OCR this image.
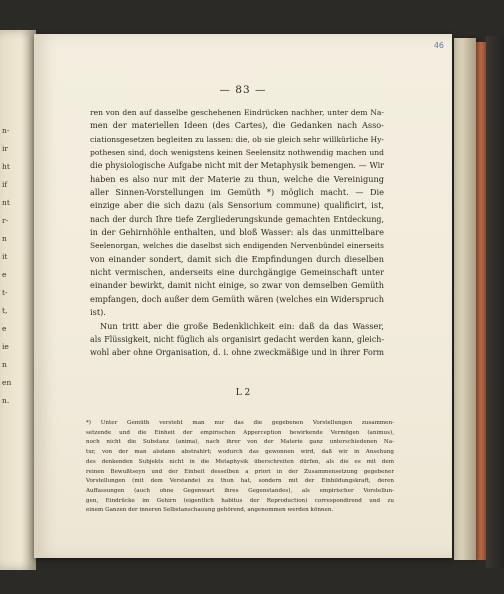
n-
ir
ht
if
nt
r-
n
it
e
t-
t,
e
ie
n
en
n.
46
— 83 —
ren von den auf dasselbe geschehenen Eindrücken nachher, unter dem Na-
men der materiellen Ideen (des Cartes), die Gedanken nach Asso-
ciationsgesetzen begleiten zu lassen: die, ob sie gleich sehr willkürliche Hy-
pothesen sind, doch wenigstens keinen Seelensitz nothwendig machen und
die physiologische Aufgabe nicht mit der Metaphysik bemengen. — Wir
haben es also nur mit der Materie zu thun, welche die Vereinigung
aller Sinnen-Vorstellungen im Gemüth *) möglich macht. — Die
einzige aber die sich dazu (als Sensorium commune) qualificirt, ist,
nach der durch Ihre tiefe Zergliederungskunde gemachten Entdeckung,
in der Gehirnhöhle enthalten, und bloß Wasser: als das unmittelbare
Seelenorgan, welches die daselbst sich endigenden Nervenbündel einerseits
von einander sondert, damit sich die Empfindungen durch dieselben
nicht vermischen, anderseits eine durchgängige Gemeinschaft unter
einander bewirkt, damit nicht einige, so zwar von demselben Gemüth
empfangen, doch außer dem Gemüth wären (welches ein Widerspruch
ist).
Nun tritt aber die große Bedenklichkeit ein: daß da das Wasser,
als Flüssigkeit, nicht füglich als organisirt gedacht werden kann, gleich-
wohl aber ohne Organisation, d. i. ohne zweckmäßige und in ihrer Form
L 2
*) Unter Gemüth versteht man nur das die gegebenen Vorstellungen zusammen-
setzende und die Einheit der empirischen Apperception bewirkende Vermögen (animus),
noch nicht die Substanz (anima), nach ihrer von der Materie ganz unterschiedenen Na-
tur, von der man alsdann abstrahirt; wodurch das gewonnen wird, daß wir in Ansehung
des denkenden Subjekts nicht in die Metaphysik überschreiten dürfen, als die es mit dem
reinen Bewußtseyn und der Einheit desselben a priori in der Zusammensetzung gegebener
Vorstellungen (mit dem Verstande) zu thun hat, sondern mit der Einbildungskraft, deren
Auffassungen (auch ohne Gegenwart ihres Gegenstandes), als empirischer Vorstellun-
gen, Eindrücke im Gehirn (eigentlich habitus der Reproduction) correspondirend und zu
einem Ganzen der inneren Selbstanschauung gehörend, angenommen werden können.
